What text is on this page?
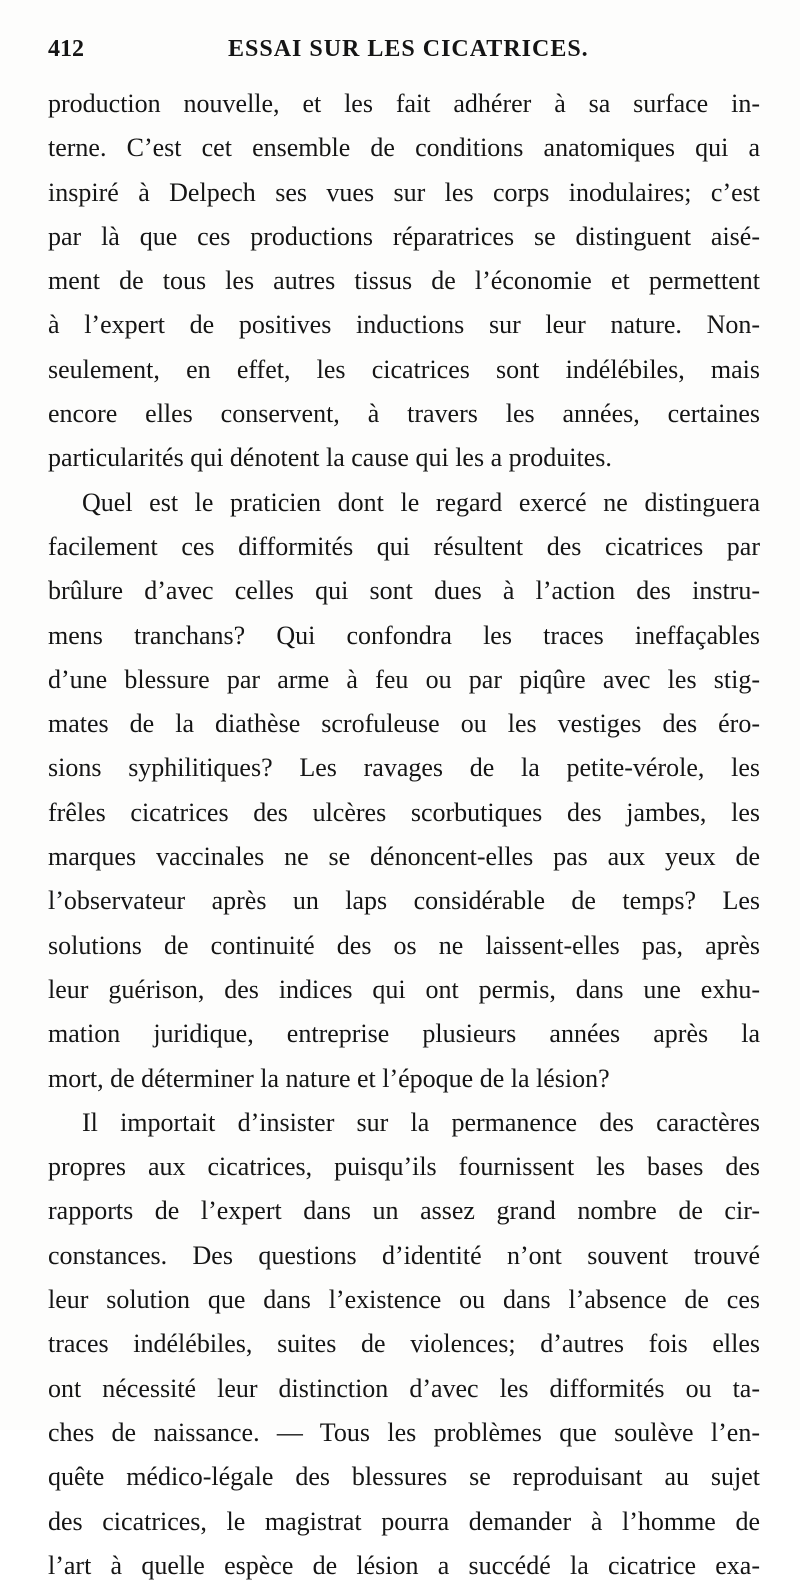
412	ESSAI SUR LES CICATRICES.
production nouvelle, et les fait adhérer à sa surface in-
terne. C’est cet ensemble de conditions anatomiques qui a
inspiré à Delpech ses vues sur les corps inodulaires; c’est
par là que ces productions réparatrices se distinguent aisé-
ment de tous les autres tissus de l’économie et permettent
à l’expert de positives inductions sur leur nature. Non-
seulement, en effet, les cicatrices sont indélébiles, mais
encore elles conservent, à travers les années, certaines
particularités qui dénotent la cause qui les a produites.
Quel est le praticien dont le regard exercé ne distinguera
facilement ces difformités qui résultent des cicatrices par
brûlure d’avec celles qui sont dues à l’action des instru-
mens tranchans? Qui confondra les traces ineffaçables
d’une blessure par arme à feu ou par piqûre avec les stig-
mates de la diathèse scrofuleuse ou les vestiges des éro-
sions syphilitiques? Les ravages de la petite-vérole, les
frêles cicatrices des ulcères scorbutiques des jambes, les
marques vaccinales ne se dénoncent-elles pas aux yeux de
l’observateur après un laps considérable de temps? Les
solutions de continuité des os ne laissent-elles pas, après
leur guérison, des indices qui ont permis, dans une exhu-
mation juridique, entreprise plusieurs années après la
mort, de déterminer la nature et l’époque de la lésion?
Il importait d’insister sur la permanence des caractères
propres aux cicatrices, puisqu’ils fournissent les bases des
rapports de l’expert dans un assez grand nombre de cir-
constances. Des questions d’identité n’ont souvent trouvé
leur solution que dans l’existence ou dans l’absence de ces
traces indélébiles, suites de violences; d’autres fois elles
ont nécessité leur distinction d’avec les difformités ou ta-
ches de naissance. — Tous les problèmes que soulève l’en-
quête médico-légale des blessures se reproduisant au sujet
des cicatrices, le magistrat pourra demander à l’homme de
l’art à quelle espèce de lésion a succédé la cicatrice exa-
